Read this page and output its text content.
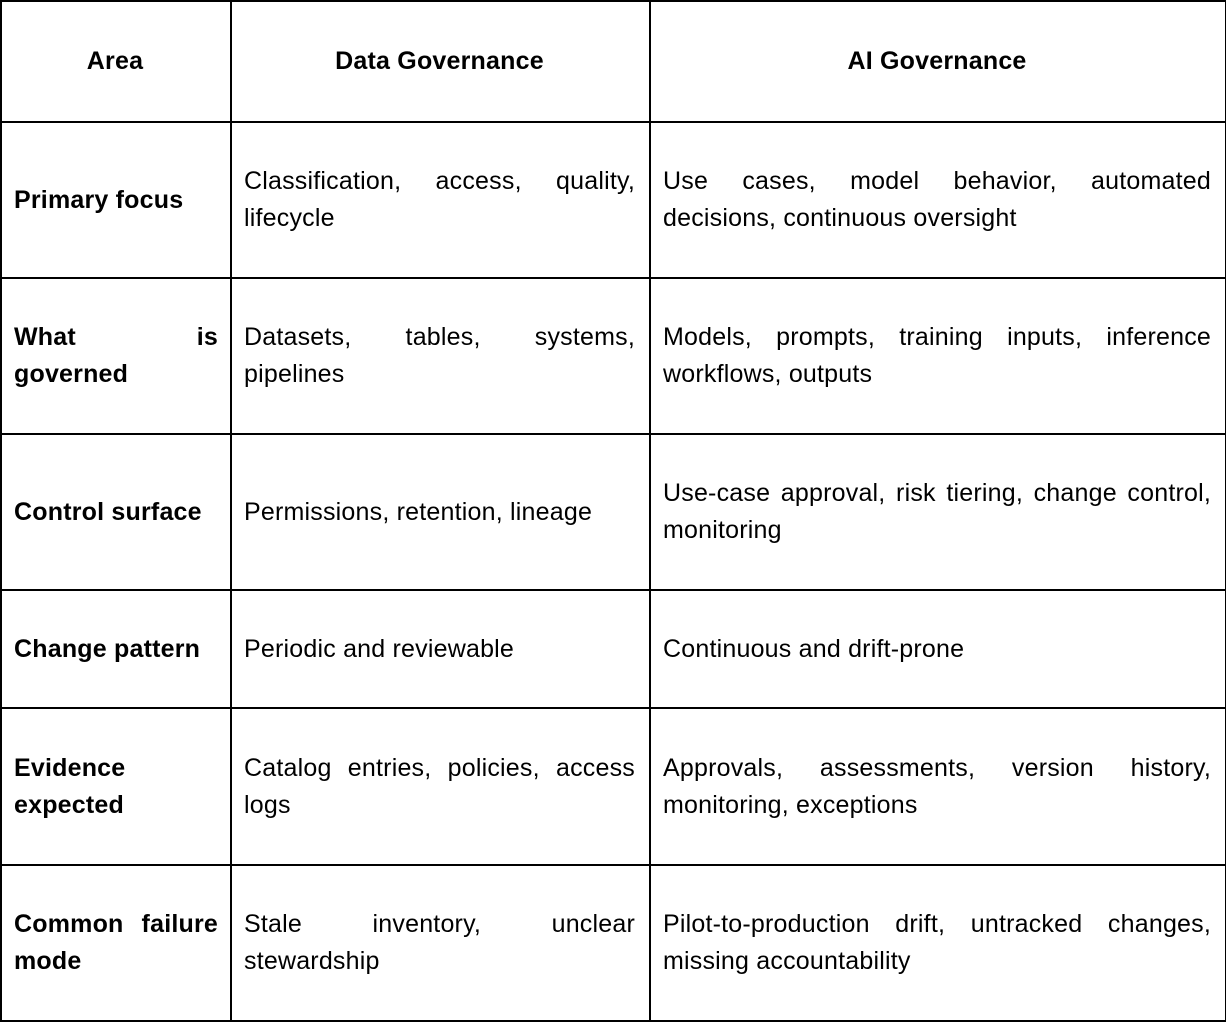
Area	Data Governance	AI Governance
Primary focus	Classification, access, quality, lifecycle	Use cases, model behavior, automated decisions, continuous oversight
What is governed	Datasets, tables, systems, pipelines	Models, prompts, training inputs, inference workflows, outputs
Control surface	Permissions, retention, lineage	Use-case approval, risk tiering, change control, monitoring
Change pattern	Periodic and reviewable	Continuous and drift-prone
Evidence expected	Catalog entries, policies, access logs	Approvals, assessments, version history, monitoring, exceptions
Common failure mode	Stale inventory, unclear stewardship	Pilot-to-production drift, untracked changes, missing accountability
